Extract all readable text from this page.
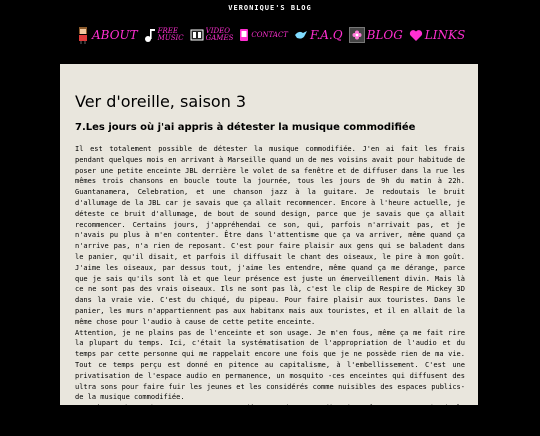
VERONIQUE'S BLOG
ABOUT	FREE
MUSIC
VIDEO
GAMES	CONTACT F.A.Q BLOG LINKS
Ver d'oreille, saison 3
7.Les jours où j'ai appris à détester la musique commodifiée

Il est totalement possible de détester la musique commodifiée. J'en ai fait les frais pendant quelques mois en arrivant à Marseille quand un de mes voisins avait pour habitude de poser une petite enceinte JBL derrière le volet de sa fenêtre et de diffuser dans la rue les mêmes trois chansons en boucle toute la journée, tous les jours de 9h du matin à 22h. Guantanamera, Celebration, et une chanson jazz à la guitare. Je redoutais le bruit d'allumage de la JBL car je savais que ça allait recommencer. Encore à l'heure actuelle, je déteste ce bruit d'allumage, de bout de sound design, parce que je savais que ça allait recommencer. Certains jours, j'appréhendai ce son, qui, parfois n'arrivait pas, et je n'avais pu plus à m'en contenter. Être dans l'attentisme que ça va arriver, même quand ça n'arrive pas, n'a rien de reposant. C'est pour faire plaisir aux gens qui se baladent dans le panier, qu'il disait, et parfois il diffusait le chant des oiseaux, le pire à mon goût. J'aime les oiseaux, par dessus tout, j'aime les entendre, même quand ça me dérange, parce que je sais qu'ils sont là et que leur présence est juste un émerveillement divin. Mais là ce ne sont pas des vrais oiseaux. Ils ne sont pas là, c'est le clip de Respire de Mickey 3D dans la vraie vie. C'est du chiqué, du pipeau. Pour faire plaisir aux touristes. Dans le panier, les murs n'appartiennent pas aux habitanx mais aux touristes, et il en allait de la même chose pour l'audio à cause de cette petite enceinte.

Attention, je ne plains pas de l'enceinte et son usage. Je m'en fous, même ça me fait rire la plupart du temps. Ici, c'était la systématisation de l'appropriation de l'audio et du temps par cette personne qui me rappelait encore une fois que je ne possède rien de ma vie. Tout ce temps perçu est donné en pitence au capitalisme, à l'embellissement. C'est une privatisation de l'espace audio en permanence, un mosquito -ces enceintes qui diffusent des ultra sons pour faire fuir les jeunes et les considérés comme nuisibles des espaces publics- de la musique commodifiée.

Face à ça, je crois que ma rage est entière. Ceci, cet audio, je refuse que ça soit de la musique. Ça pourrait être n'importe quelle chanson, je m'en fiche, mais je refuse que cet audio que je considère musique soit ça, soit ce qui est.
